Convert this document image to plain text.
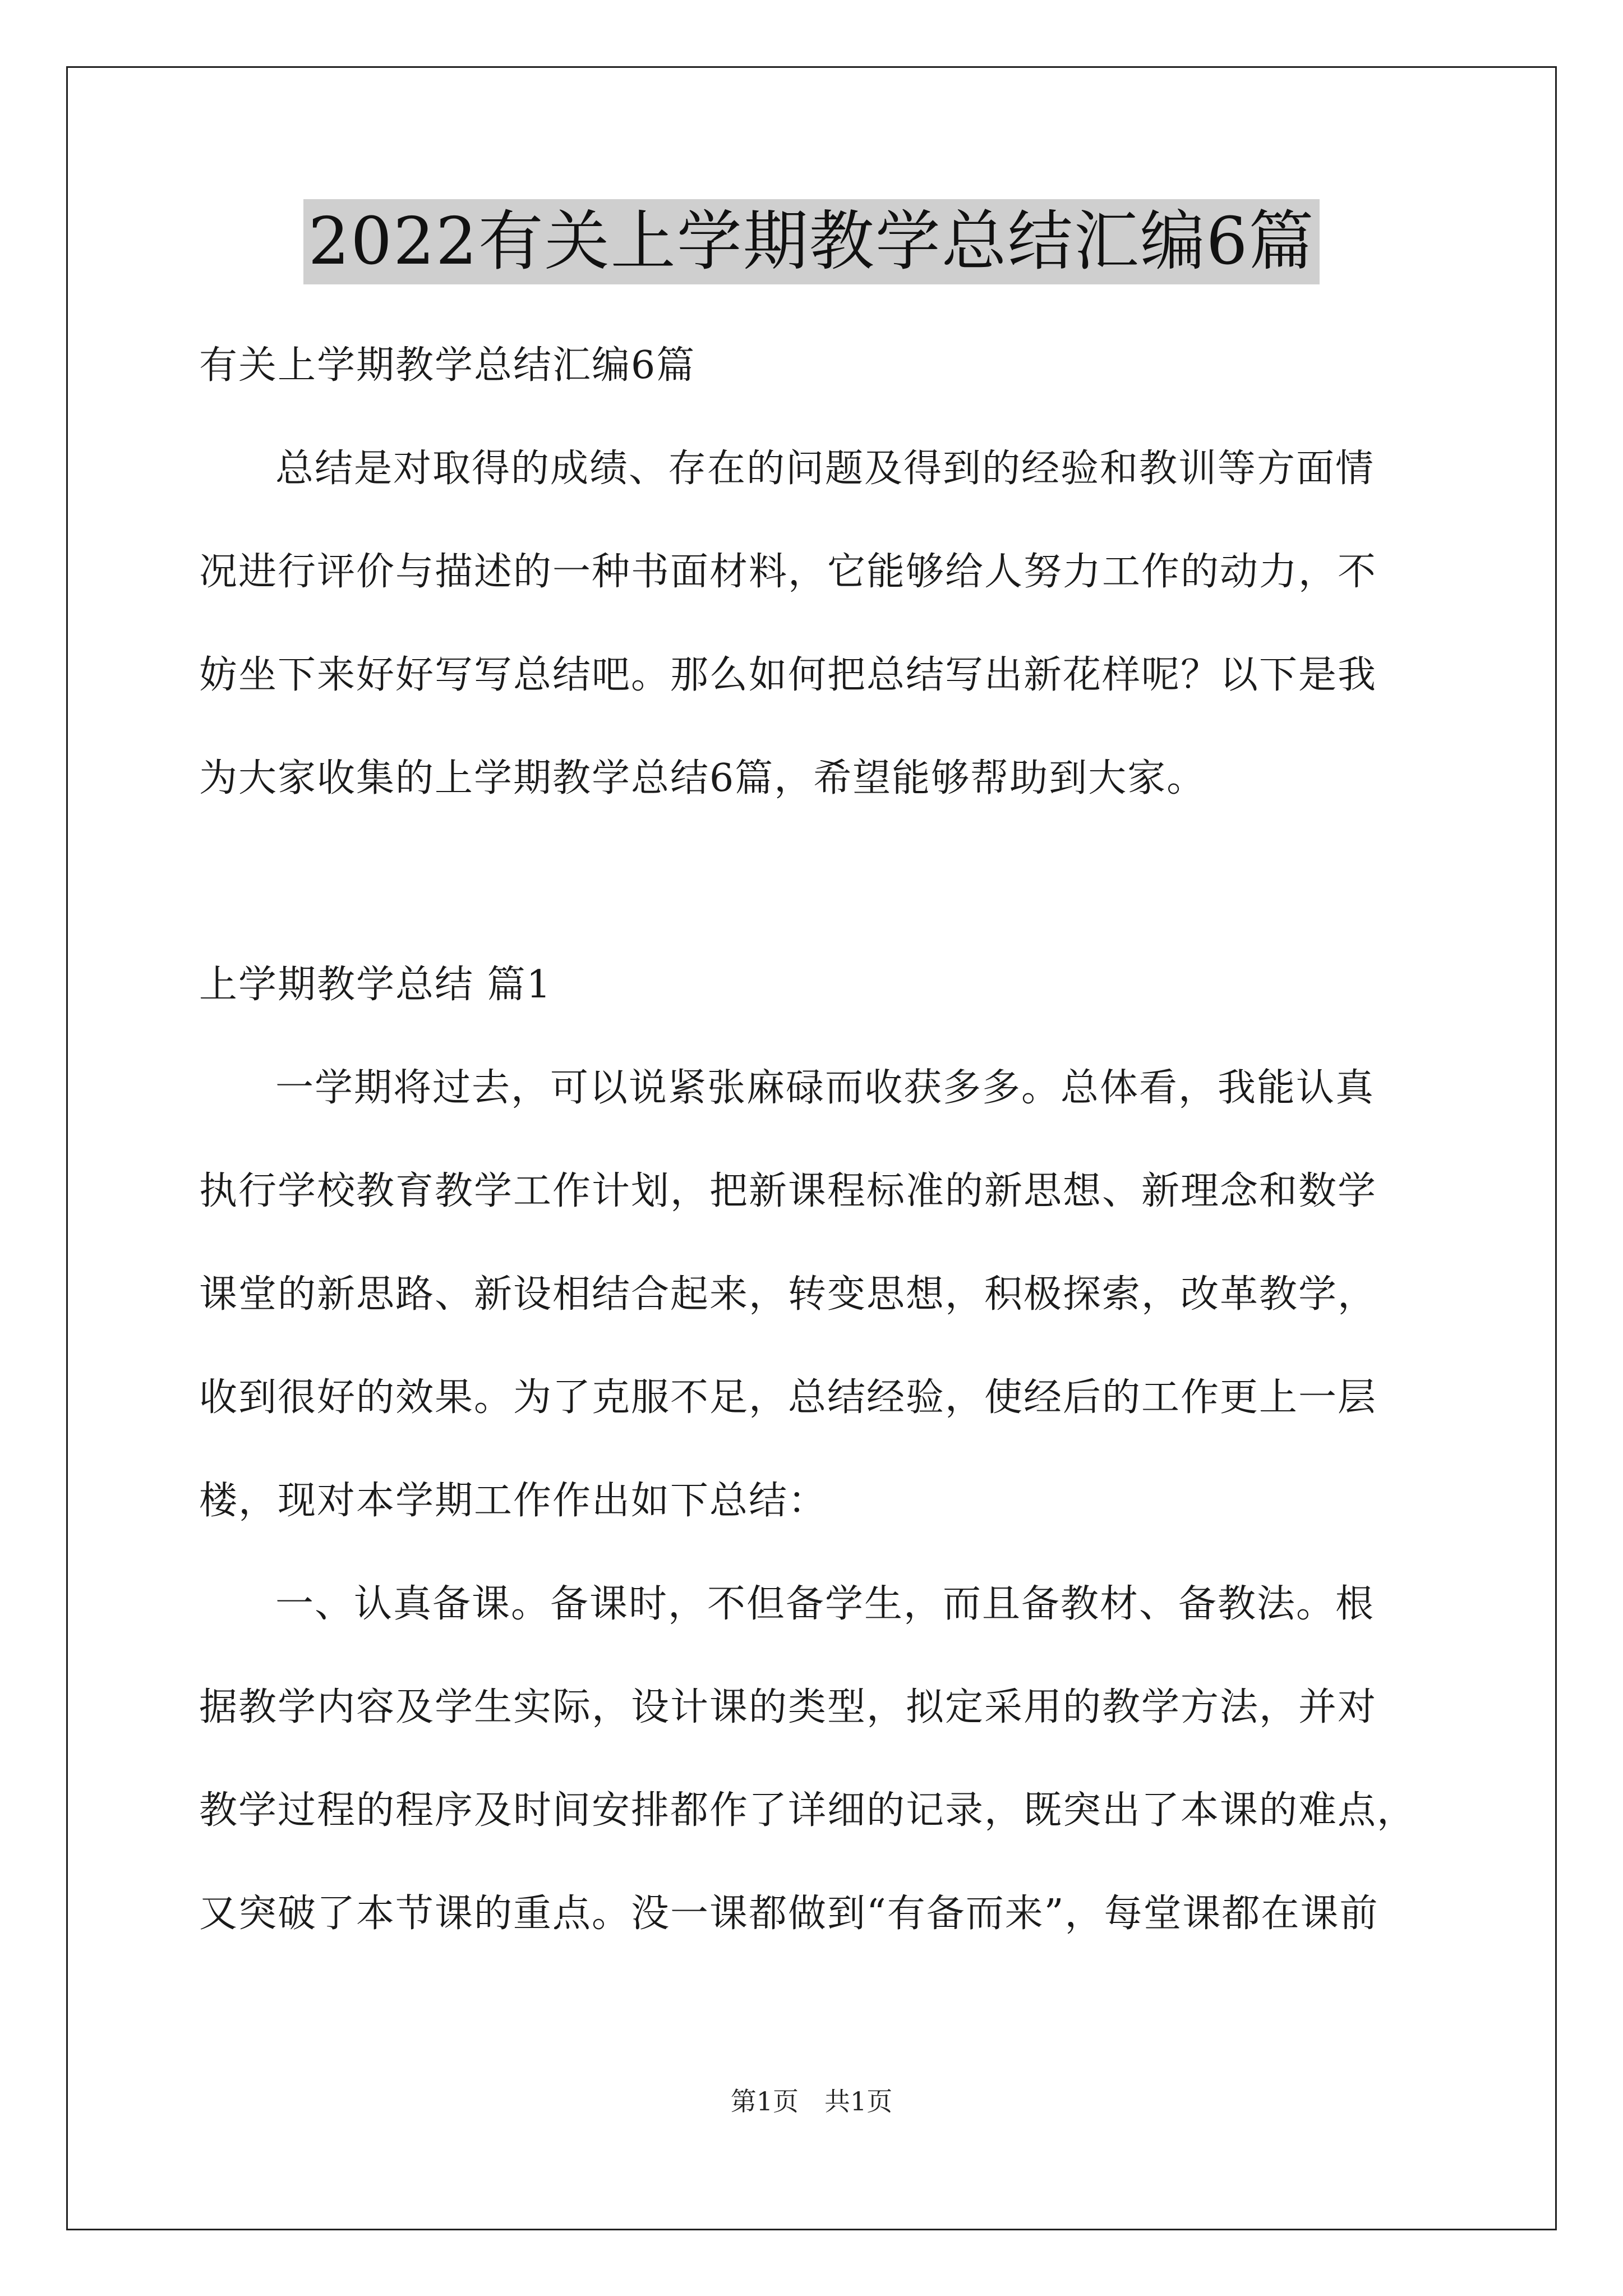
2022有关上学期教学总结汇编6篇
有关上学期教学总结汇编6篇
总结是对取得的成绩、存在的问题及得到的经验和教训等方面情
况进行评价与描述的一种书面材料，它能够给人努力工作的动力，不
妨坐下来好好写写总结吧。那么如何把总结写出新花样呢？以下是我
为大家收集的上学期教学总结6篇，希望能够帮助到大家。
上学期教学总结 篇1
一学期将过去，可以说紧张麻碌而收获多多。总体看，我能认真
执行学校教育教学工作计划，把新课程标准的新思想、新理念和数学
课堂的新思路、新设相结合起来，转变思想，积极探索，改革教学，
收到很好的效果。为了克服不足，总结经验，使经后的工作更上一层
楼，现对本学期工作作出如下总结：
一、认真备课。备课时，不但备学生，而且备教材、备教法。根
据教学内容及学生实际，设计课的类型，拟定采用的教学方法，并对
教学过程的程序及时间安排都作了详细的记录，既突出了本课的难点，
又突破了本节课的重点。没一课都做到“有备而来”，每堂课都在课前
第1页　共1页
